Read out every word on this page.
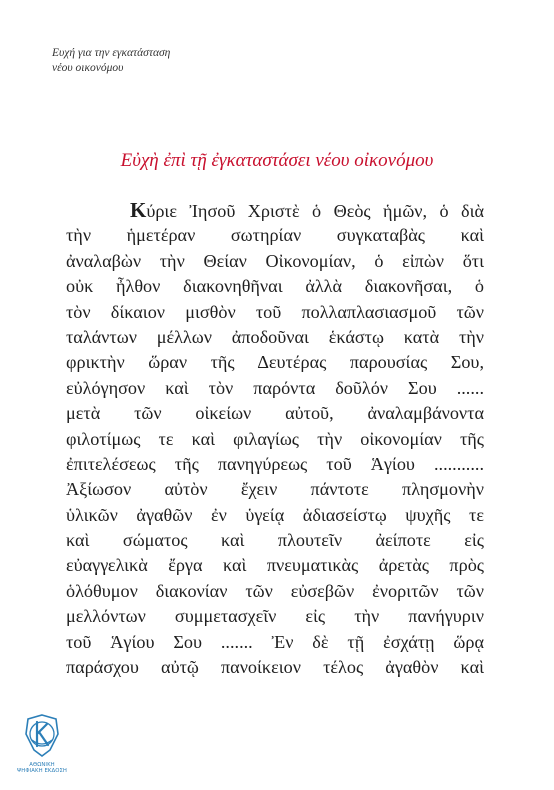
Ευχή για την εγκατάσταση
νέου οικονόμου
Εὐχὴ ἐπὶ τῇ ἐγκαταστάσει νέου οἰκονόμου
Κύριε Ἰησοῦ Χριστὲ ὁ Θεὸς ἡμῶν, ὁ διὰ
τὴν ἡμετέραν σωτηρίαν συγκαταβὰς καὶ
ἀναλαβὼν τὴν Θείαν Οἰκονομίαν, ὁ εἰπὼν ὅτι
οὐκ ἦλθον διακονηθῆναι ἀλλὰ διακονῆσαι, ὁ
τὸν δίκαιον μισθὸν τοῦ πολλαπλασιασμοῦ τῶν
ταλάντων μέλλων ἀποδοῦναι ἑκάστῳ κατὰ τὴν
φρικτὴν ὥραν τῆς Δευτέρας παρουσίας Σου,
εὐλόγησον καὶ τὸν παρόντα δοῦλόν Σου ......
μετὰ τῶν οἰκείων αὐτοῦ, ἀναλαμβάνοντα
φιλοτίμως τε καὶ φιλαγίως τὴν οἰκονομίαν τῆς
ἐπιτελέσεως τῆς πανηγύρεως τοῦ Ἁγίου ...........
Ἀξίωσον αὐτὸν ἔχειν πάντοτε πλησμονὴν
ὑλικῶν ἀγαθῶν ἐν ὑγείᾳ ἀδιασείστῳ ψυχῆς τε
καὶ σώματος καὶ πλουτεῖν ἀείποτε εἰς
εὐαγγελικὰ ἔργα καὶ πνευματικὰς ἀρετὰς πρὸς
ὁλόθυμον διακονίαν τῶν εὐσεβῶν ἐνοριτῶν τῶν
μελλόντων συμμετασχεῖν εἰς τὴν πανήγυριν
τοῦ Ἁγίου Σου ....... Ἐν δὲ τῇ ἐσχάτῃ ὥρᾳ
παράσχου αὐτῷ πανοίκειον τέλος ἀγαθὸν καὶ
ΑΘΩΝΙΚΗ
ΨΗΦΙΑΚΗ ΕΚΔΟΣΗ
